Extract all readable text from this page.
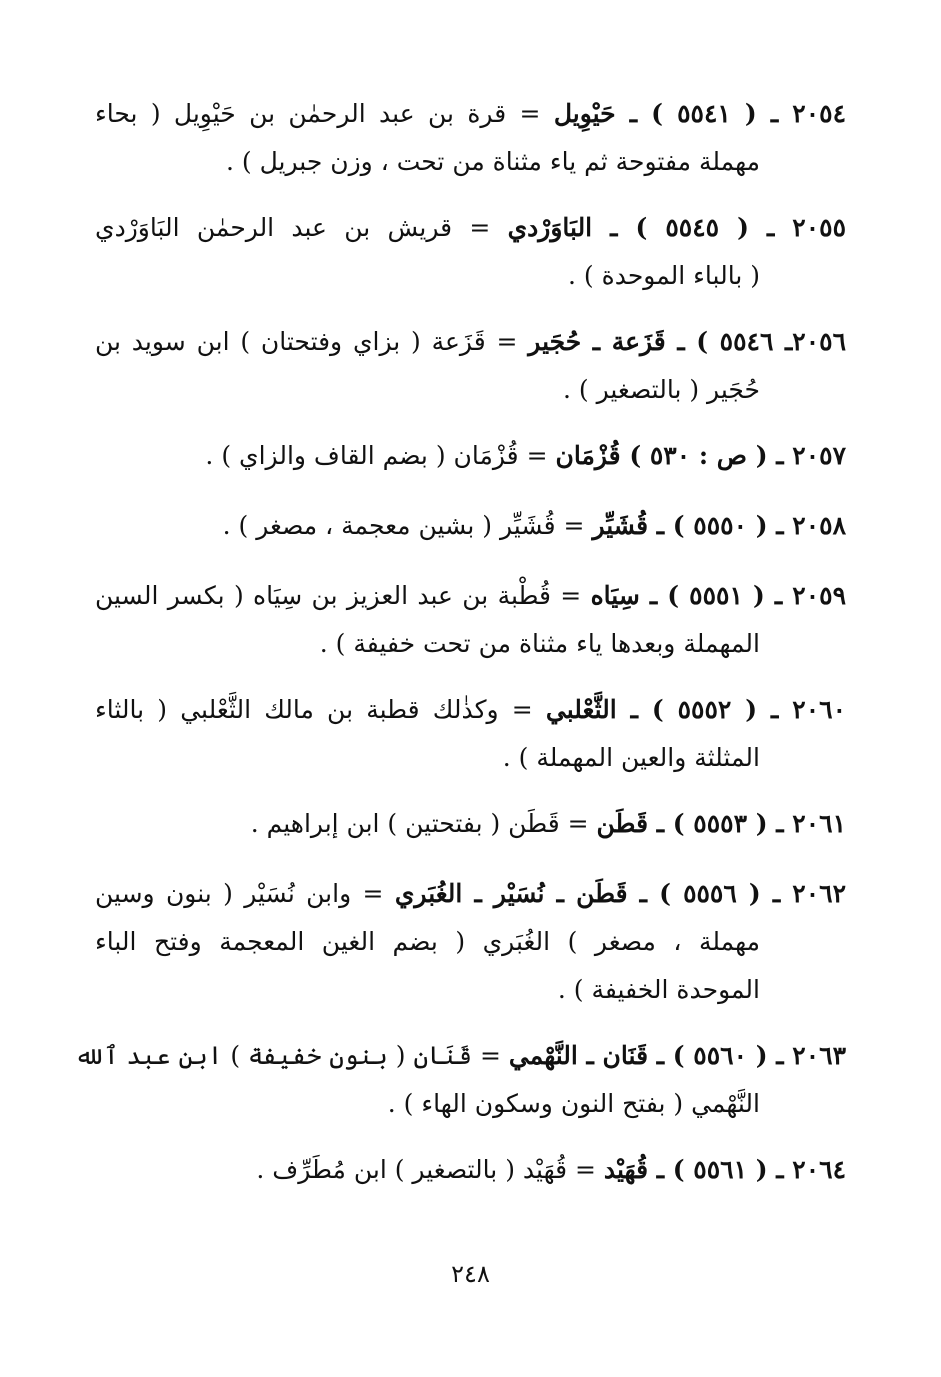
٢٠٥٤ ـ ( ٥٥٤١ ) ـ حَيْوِيل = قرة بن عبد الرحمٰن بن حَيْوِيل ( بحاء
مهملة مفتوحة ثم ياء مثناة من تحت ، وزن جبريل ) .
٢٠٥٥ ـ ( ٥٥٤٥ ) ـ البَاوَرْدي = قريش بن عبد الرحمٰن البَاوَرْدي
( بالباء الموحدة ) .
٢٠٥٦ـ ٥٥٤٦ ) ـ قَزَعة ـ حُجَير = قَزَعة ( بزاي وفتحتان ) ابن سويد بن
حُجَير ( بالتصغير ) .
٢٠٥٧ ـ ( ص : ٥٣٠ ) قُزْمَان = قُزْمَان ( بضم القاف والزاي ) .
٢٠٥٨ ـ ( ٥٥٥٠ ) ـ قُشَيِّر = قُشَيِّر ( بشين معجمة ، مصغر ) .
٢٠٥٩ ـ ( ٥٥٥١ ) ـ سِيَاه = قُطْبة بن عبد العزيز بن سِيَاه ( بكسر السين
المهملة وبعدها ياء مثناة من تحت خفيفة ) .
٢٠٦٠ ـ ( ٥٥٥٢ ) ـ الثَّعْلبي = وكذٰلك قطبة بن مالك الثَّعْلبي ( بالثاء
المثلثة والعين المهملة ) .
٢٠٦١ ـ ( ٥٥٥٣ ) ـ قَطَن = قَطَن ( بفتحتين ) ابن إبراهيم .
٢٠٦٢ ـ ( ٥٥٥٦ ) ـ قَطَن ـ نُسَيْر ـ الغُبَري = وابن نُسَيْر ( بنون وسين
مهملة ، مصغر ) الغُبَري ( بضم الغين المعجمة وفتح الباء
الموحدة الخفيفة ) .
٢٠٦٣ ـ ( ٥٥٦٠ ) ـ قَنَان ـ النَّهْمي = قَنَان ( بنون خفيفة ) ابن عبد ٱلله
النَّهْمي ( بفتح النون وسكون الهاء ) .
٢٠٦٤ ـ ( ٥٥٦١ ) ـ قُهَيْد = قُهَيْد ( بالتصغير ) ابن مُطَرِّف .
٢٤٨
